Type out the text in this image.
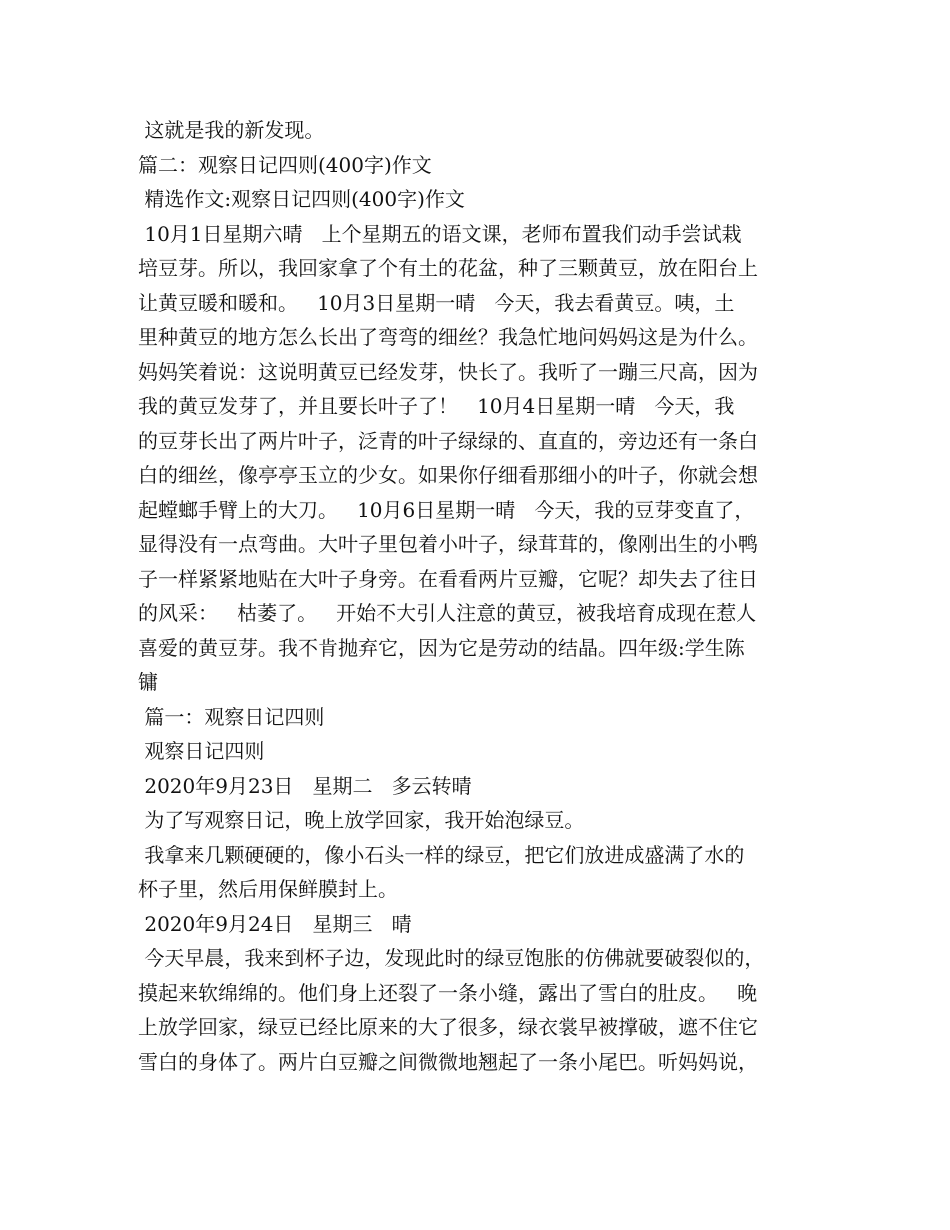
这就是我的新发现。
篇二：观察日记四则(400字)作文
精选作文:观察日记四则(400字)作文
10月1日星期六晴   上个星期五的语文课，老师布置我们动手尝试栽
培豆芽。所以，我回家拿了个有土的花盆，种了三颗黄豆，放在阳台上
让黄豆暖和暖和。   10月3日星期一晴   今天，我去看黄豆。咦，土
里种黄豆的地方怎么长出了弯弯的细丝？我急忙地问妈妈这是为什么。
妈妈笑着说：这说明黄豆已经发芽，快长了。我听了一蹦三尺高，因为
我的黄豆发芽了，并且要长叶子了！   10月4日星期一晴   今天，我
的豆芽长出了两片叶子，泛青的叶子绿绿的、直直的，旁边还有一条白
白的细丝，像亭亭玉立的少女。如果你仔细看那细小的叶子，你就会想
起螳螂手臂上的大刀。   10月6日星期一晴   今天，我的豆芽变直了，
显得没有一点弯曲。大叶子里包着小叶子，绿茸茸的，像刚出生的小鸭
子一样紧紧地贴在大叶子身旁。在看看两片豆瓣，它呢？却失去了往日
的风采：   枯萎了。   开始不大引人注意的黄豆，被我培育成现在惹人
喜爱的黄豆芽。我不肯抛弃它，因为它是劳动的结晶。四年级:学生陈
镛
篇一：观察日记四则
观察日记四则
2020年9月23日   星期二   多云转晴
为了写观察日记，晚上放学回家，我开始泡绿豆。
我拿来几颗硬硬的，像小石头一样的绿豆，把它们放进成盛满了水的
杯子里，然后用保鲜膜封上。
2020年9月24日   星期三   晴
今天早晨，我来到杯子边，发现此时的绿豆饱胀的仿佛就要破裂似的，
摸起来软绵绵的。他们身上还裂了一条小缝，露出了雪白的肚皮。   晚
上放学回家，绿豆已经比原来的大了很多，绿衣裳早被撑破，遮不住它
雪白的身体了。两片白豆瓣之间微微地翘起了一条小尾巴。听妈妈说，
